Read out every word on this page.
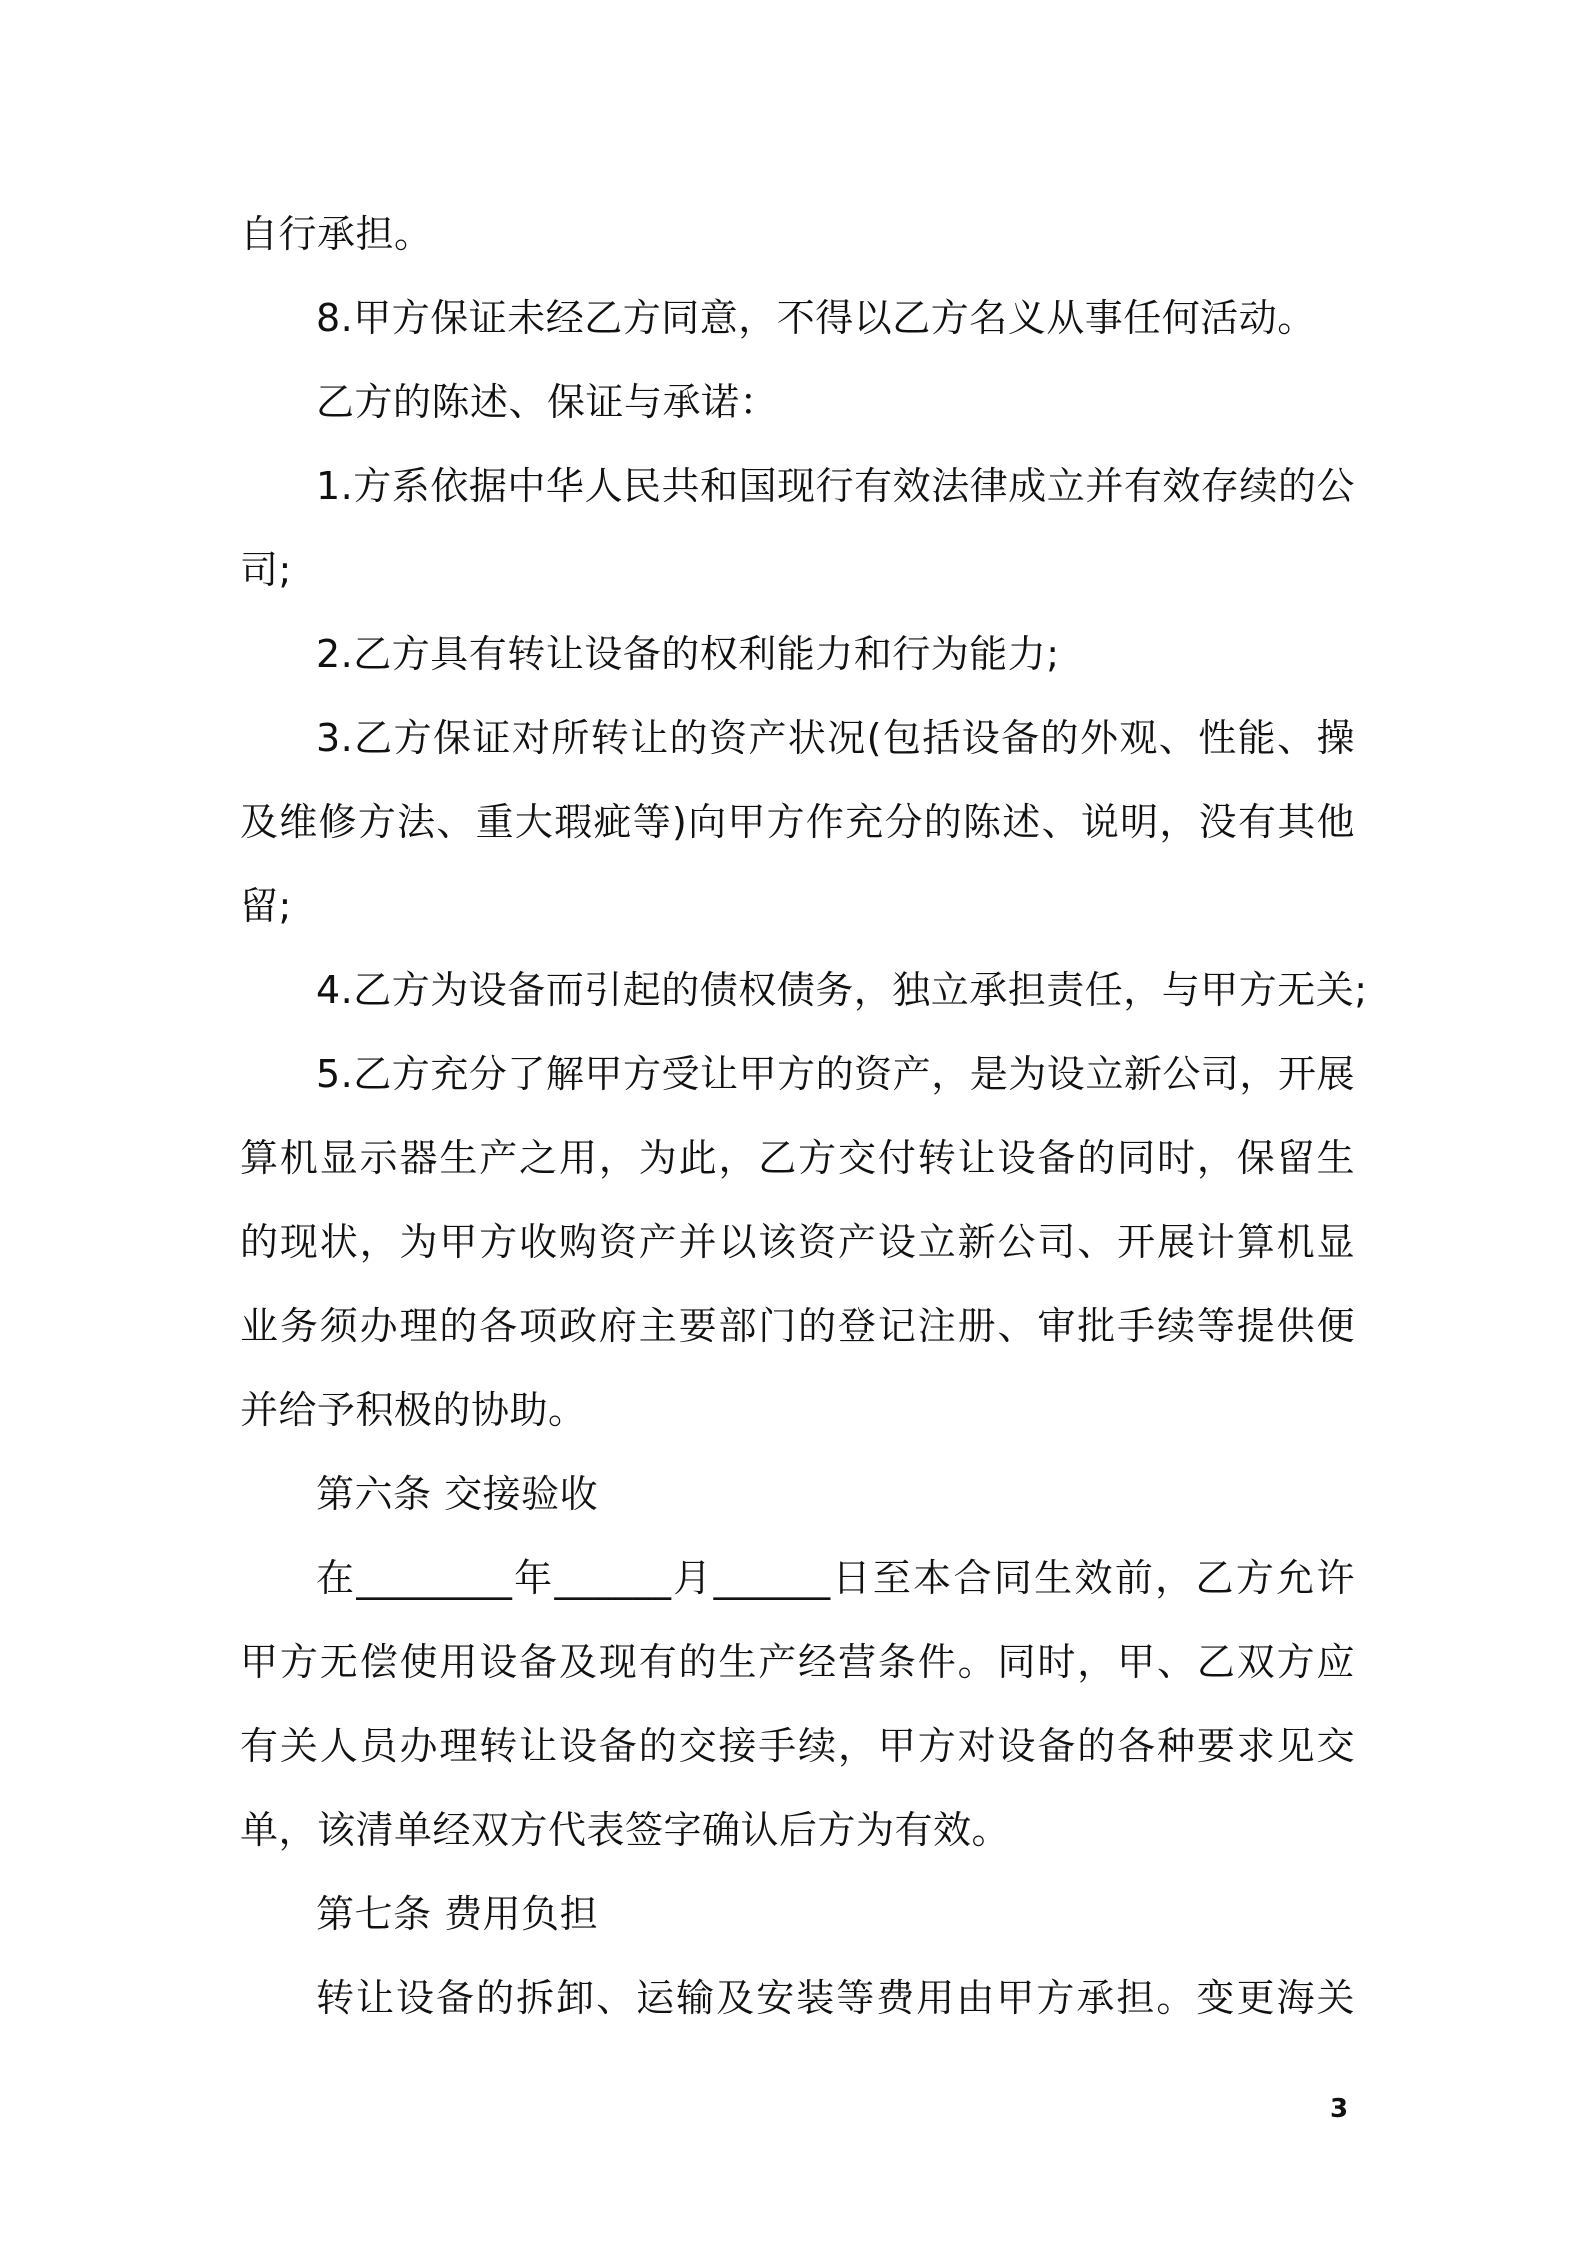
自行承担。
8.甲方保证未经乙方同意，不得以乙方名义从事任何活动。
乙方的陈述、保证与承诺：
1.方系依据中华人民共和国现行有效法律成立并有效存续的公
司;
2.乙方具有转让设备的权利能力和行为能力;
3.乙方保证对所转让的资产状况(包括设备的外观、性能、操
及维修方法、重大瑕疵等)向甲方作充分的陈述、说明，没有其他
留;
4.乙方为设备而引起的债权债务，独立承担责任，与甲方无关;
5.乙方充分了解甲方受让甲方的资产，是为设立新公司，开展
算机显示器生产之用，为此，乙方交付转让设备的同时，保留生
的现状，为甲方收购资产并以该资产设立新公司、开展计算机显
业务须办理的各项政府主要部门的登记注册、审批手续等提供便
并给予积极的协助。
第六条 交接验收
在________年______月______日至本合同生效前，乙方允许
甲方无偿使用设备及现有的生产经营条件。同时，甲、乙双方应
有关人员办理转让设备的交接手续，甲方对设备的各种要求见交
单，该清单经双方代表签字确认后方为有效。
第七条 费用负担
转让设备的拆卸、运输及安装等费用由甲方承担。变更海关
3
